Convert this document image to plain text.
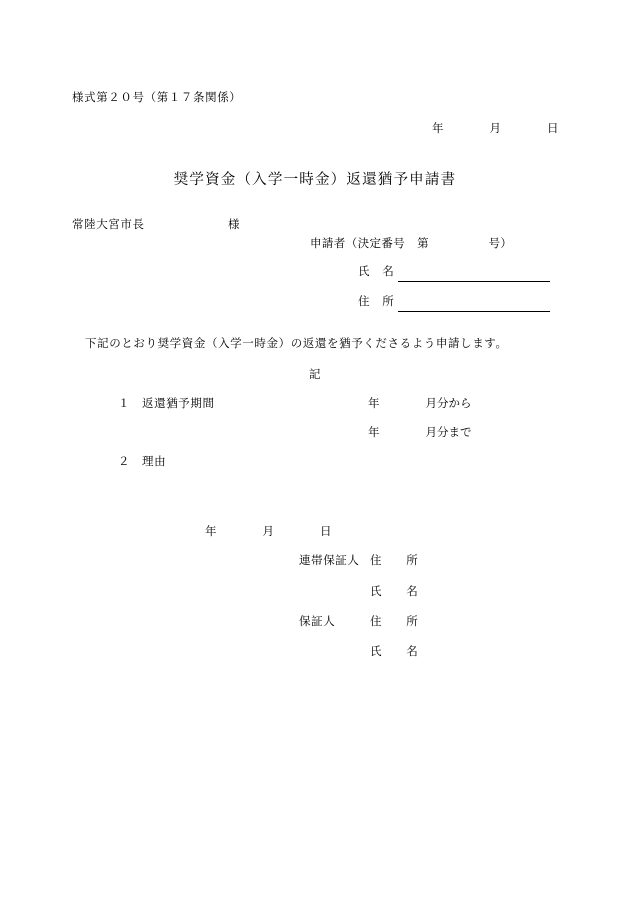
様式第２０号（第１７条関係）
年　　　　月　　　　日
奨学資金（入学一時金）返還猶予申請書
常陸大宮市長	様
申請者（決定番号　第　　　　　号）
氏　名
住　所
下記のとおり奨学資金（入学一時金）の返還を猶予くださるよう申請します。
記
１ 返還猶予期間	年　　　　月分から
年　　　　月分まで
２ 理由
年　　　　月　　　　日
連帯保証人 住　　所
氏　　名
保証人	住　　所
氏　　名
